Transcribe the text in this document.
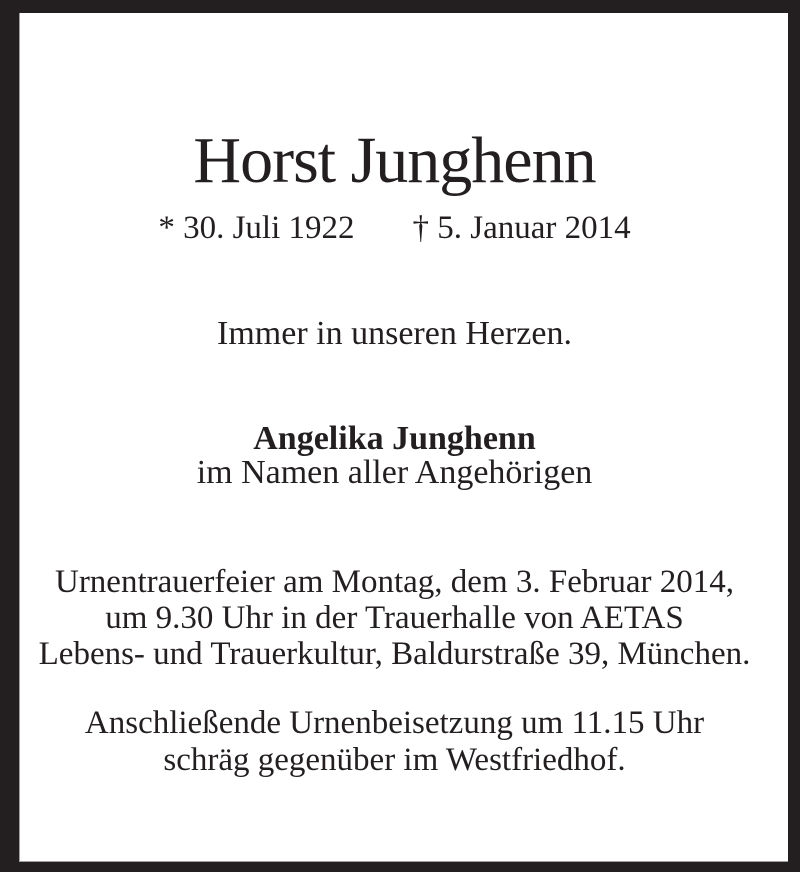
Horst Junghenn
* 30. Juli 1922 † 5. Januar 2014
Immer in unseren Herzen.
Angelika Junghenn
im Namen aller Angehörigen
Urnentrauerfeier am Montag, dem 3. Februar 2014,
um 9.30 Uhr in der Trauerhalle von AETAS
Lebens- und Trauerkultur, Baldurstraße 39, München.
Anschließende Urnenbeisetzung um 11.15 Uhr
schräg gegenüber im Westfriedhof.
